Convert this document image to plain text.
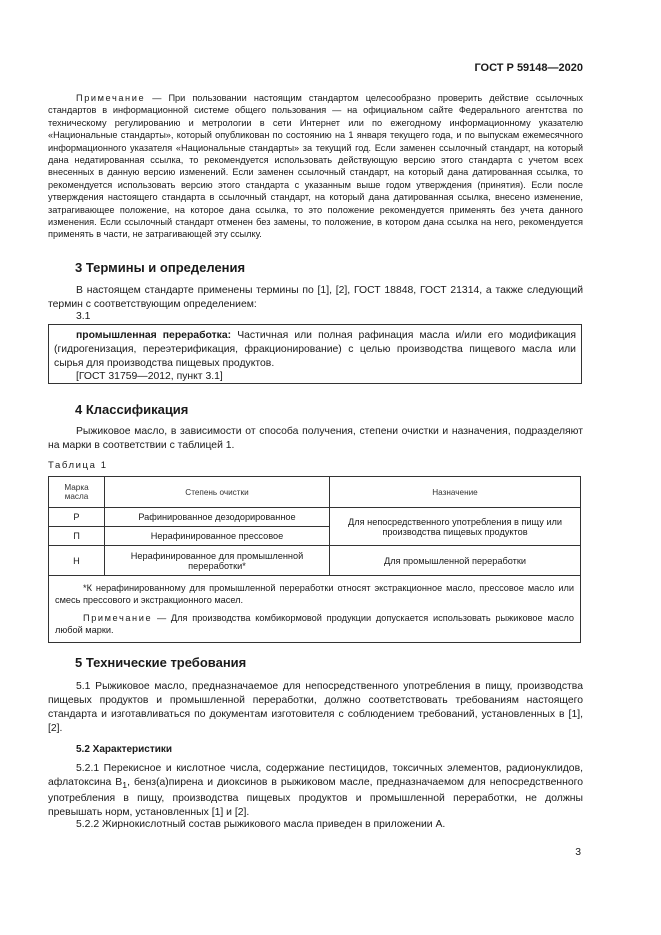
ГОСТ Р 59148—2020
Примечание — При пользовании настоящим стандартом целесообразно проверить действие ссылочных стандартов в информационной системе общего пользования — на официальном сайте Федерального агентства по техническому регулированию и метрологии в сети Интернет или по ежегодному информационному указателю «Национальные стандарты», который опубликован по состоянию на 1 января текущего года, и по выпускам ежемесячного информационного указателя «Национальные стандарты» за текущий год. Если заменен ссылочный стандарт, на который дана недатированная ссылка, то рекомендуется использовать действующую версию этого стандарта с учетом всех внесенных в данную версию изменений. Если заменен ссылочный стандарт, на который дана датированная ссылка, то рекомендуется использовать версию этого стандарта с указанным выше годом утверждения (принятия). Если после утверждения настоящего стандарта в ссылочный стандарт, на который дана датированная ссылка, внесено изменение, затрагивающее положение, на которое дана ссылка, то это положение рекомендуется применять без учета данного изменения. Если ссылочный стандарт отменен без замены, то положение, в котором дана ссылка на него, рекомендуется применять в части, не затрагивающей эту ссылку.
3 Термины и определения
В настоящем стандарте применены термины по [1], [2], ГОСТ 18848, ГОСТ 21314, а также следующий термин с соответствующим определением:
3.1
промышленная переработка: Частичная или полная рафинация масла и/или его модификация (гидрогенизация, переэтерификация, фракционирование) с целью производства пищевого масла или сырья для производства пищевых продуктов.
[ГОСТ 31759—2012, пункт 3.1]
4 Классификация
Рыжиковое масло, в зависимости от способа получения, степени очистки и назначения, подразделяют на марки в соответствии с таблицей 1.
Таблица 1
Марка масла	Степень очистки	Назначение
Р	Рафинированное дезодорированное	Для непосредственного употребления в пищу или производства пищевых продуктов
П	Нерафинированное прессовое	
Н	Нерафинированное для промышленной переработки*	Для промышленной переработки

*К нерафинированному для промышленной переработки относят экстракционное масло, прессовое масло или смесь прессового и экстракционного масел.
Примечание — Для производства комбикормовой продукции допускается использовать рыжиковое масло любой марки.		
5 Технические требования
5.1 Рыжиковое масло, предназначаемое для непосредственного употребления в пищу, производства пищевых продуктов и промышленной переработки, должно соответствовать требованиям настоящего стандарта и изготавливаться по документам изготовителя с соблюдением требований, установленных в [1], [2].
5.2 Характеристики
5.2.1 Перекисное и кислотное числа, содержание пестицидов, токсичных элементов, радионуклидов, афлатоксина $B_1$, бенз(а)пирена и диоксинов в рыжиковом масле, предназначаемом для непосредственного употребления в пищу, производства пищевых продуктов и промышленной переработки, не должны превышать норм, установленных [1] и [2].
5.2.2 Жирнокислотный состав рыжикового масла приведен в приложении А.
3
